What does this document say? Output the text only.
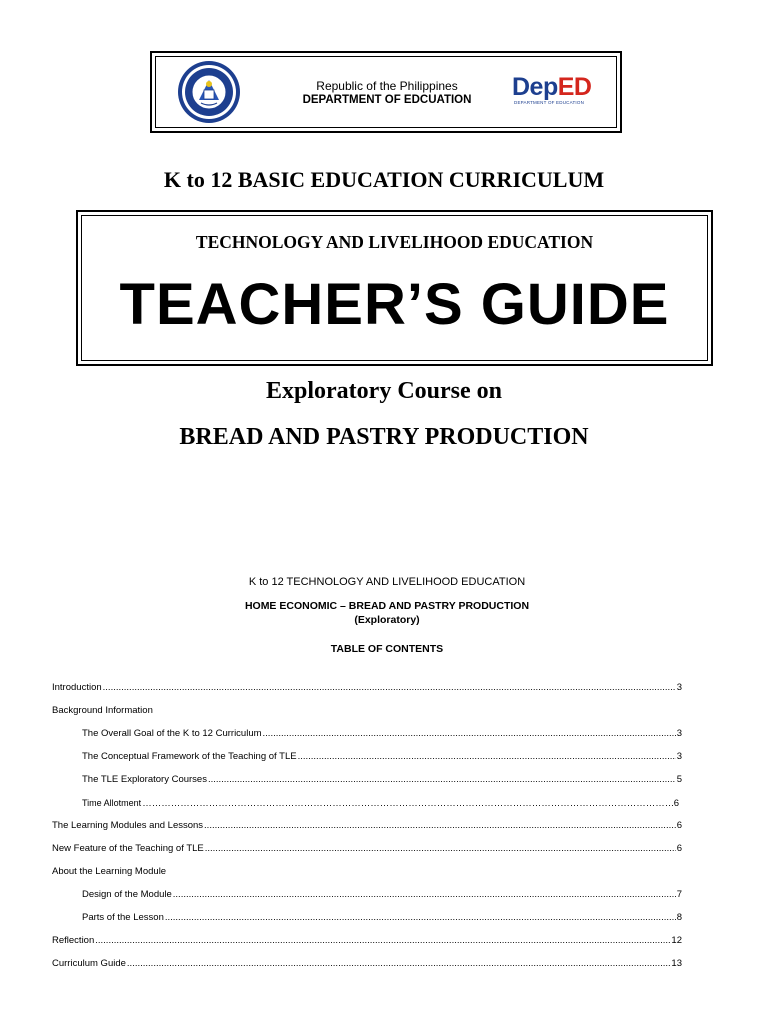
Republic of the Philippines
DEPARTMENT OF EDCUATION	DepED
DEPARTMENT OF EDUCATION
K to 12 BASIC EDUCATION CURRICULUM
TECHNOLOGY AND LIVELIHOOD EDUCATION
TEACHER’S GUIDE
Exploratory Course on
BREAD AND PASTRY PRODUCTION
K to 12 TECHNOLOGY AND LIVELIHOOD EDUCATION
HOME ECONOMIC – BREAD AND PASTRY PRODUCTION
(Exploratory)
TABLE OF CONTENTS
Introduction .....	3
Background Information
The Overall Goal of the K to 12 Curriculum .....	3
The Conceptual Framework of the Teaching of TLE .....	3
The TLE Exploratory Courses .....	5
Time Allotment ………………………………………………………………………………………………………………………………………………………………………	6
The Learning Modules and Lessons .....	6
New Feature of the Teaching of TLE .....	6
About the Learning Module
Design of the Module .....	7
Parts of the Lesson .....	8
Reflection .....	12
Curriculum Guide .....	13
